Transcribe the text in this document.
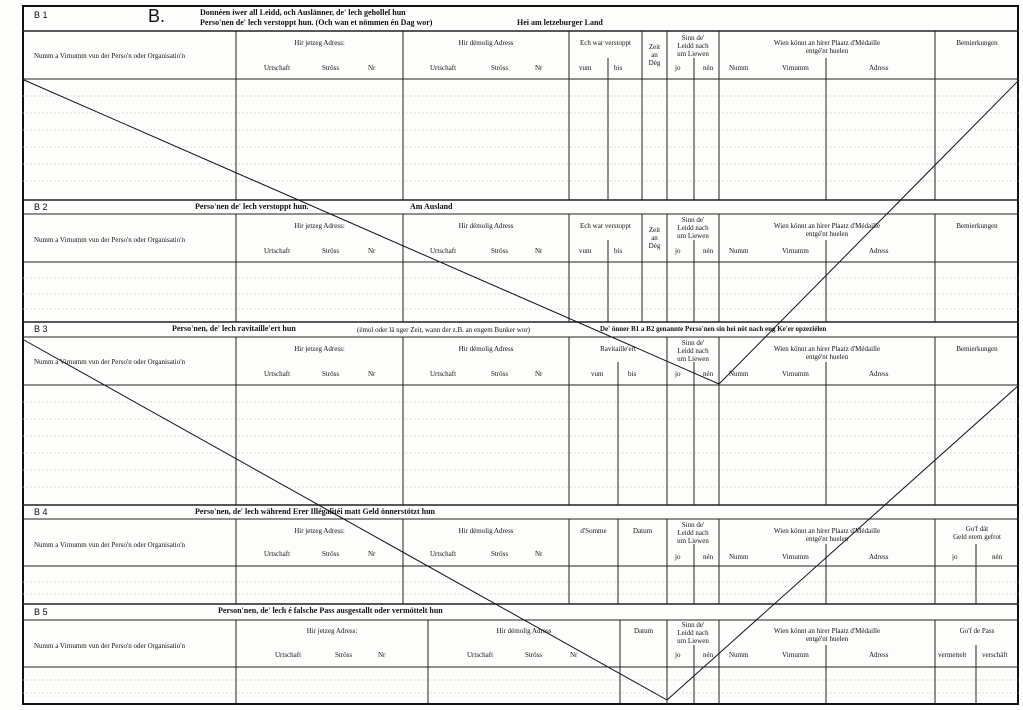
B.
B 1	Donnéen iwer all Leidd, och Auslänner, de' lech geholleſ hun
Perso'nen de' lech verstoppt hun. (Och wan et nömmen én Dag wor)	Hei am letzeburger Land
Numm a Virnumm vun der Perso'n oder Organisatio'n
Hir jetzeg Adress:
Urtschaft	Ströss	Nr
Hir démolig Adress
Urtschaft	Ströss	Nr
Ech war verstoppt
vum	bis
Zeit
an
Dég
Sinn de'
Leidd nach
um Liewen
jo	nén
Wien könnt an hirer Plaatz d'Médaille
entgé'nt huelen
Numm	Virnumm	Adress
Bemierkungen
B 2	Perso'nen de' lech verstoppt hun.	Am Ausland
Numm a Virnumm vun der Perso'n oder Organisatio'n
Hir jetzeg Adress:
Urtschaft	Ströss	Nr
Hir démolig Adress
Urtschaft	Ströss	Nr
Ech war verstoppt
vum	bis
Zeit
an
Dég
Sinn de'
Leidd nach
um Liewen
jo	nén
Wien könnt an hirer Plaatz d'Médaille
entgé'nt huelen
Numm	Virnumm	Adress
Bemierkungen
B 3	Perso'nen, de' lech ravitaille'ert hun	(émol oder lä nger Zeit, wann der z.B. an engem Bunker wor)	De' önner B1 a B2 genannte Perso'nen sin hei nöt nach eng Ke'er opzeziélen
Numm a Virnumm vun der Perso'n oder Organisatio'n
Hir jetzeg Adress:
Urtschaft	Ströss	Nr
Hir démolig Adress
Urtschaft	Ströss	Nr
Ravitaille'ert
vum	bis
Sinn de'
Leidd nach
um Liewen
jo	nén
Wien könnt an hirer Plaatz d'Médaille
entgé'nt huelen
Numm	Virnumm	Adress
Bemierkungen
B 4	Perso'nen, de' lech während Erer Illégalitéi matt Geld önnerstötzt hun
Numm a Virnumm vun der Perso'n oder Organisatio'n
Hir jetzeg Adress:
Urtschaft	Ströss	Nr
Hir démolig Adress
Urtschaft	Ströss	Nr
d'Somme	Datum
Sinn de'
Leidd nach
um Liewen
jo	nén
Wien könnt an hirer Plaatz d'Médaille
entgé'nt huelen
Numm	Virnumm	Adress
Go'f dät
Geld erem gefrot
jo	nén
B 5	Person'nen, de' lech é falsche Pass ausgestallt oder vermöttelt hun
Numm a Virnumm vun der Perso'n oder Organisatio'n
Hir jetzeg Adress:
Urtschaft	Ströss	Nr
Hir démolig Adress
Urtschaft	Ströss	Nr
Datum
Sinn de'
Leidd nach
um Liewen
jo	nén
Wien könnt an hirer Plaatz d'Médaille
entgé'nt huelen
Numm	Virnumm	Adress
Go'f de Pass
vermettelt verschäft
